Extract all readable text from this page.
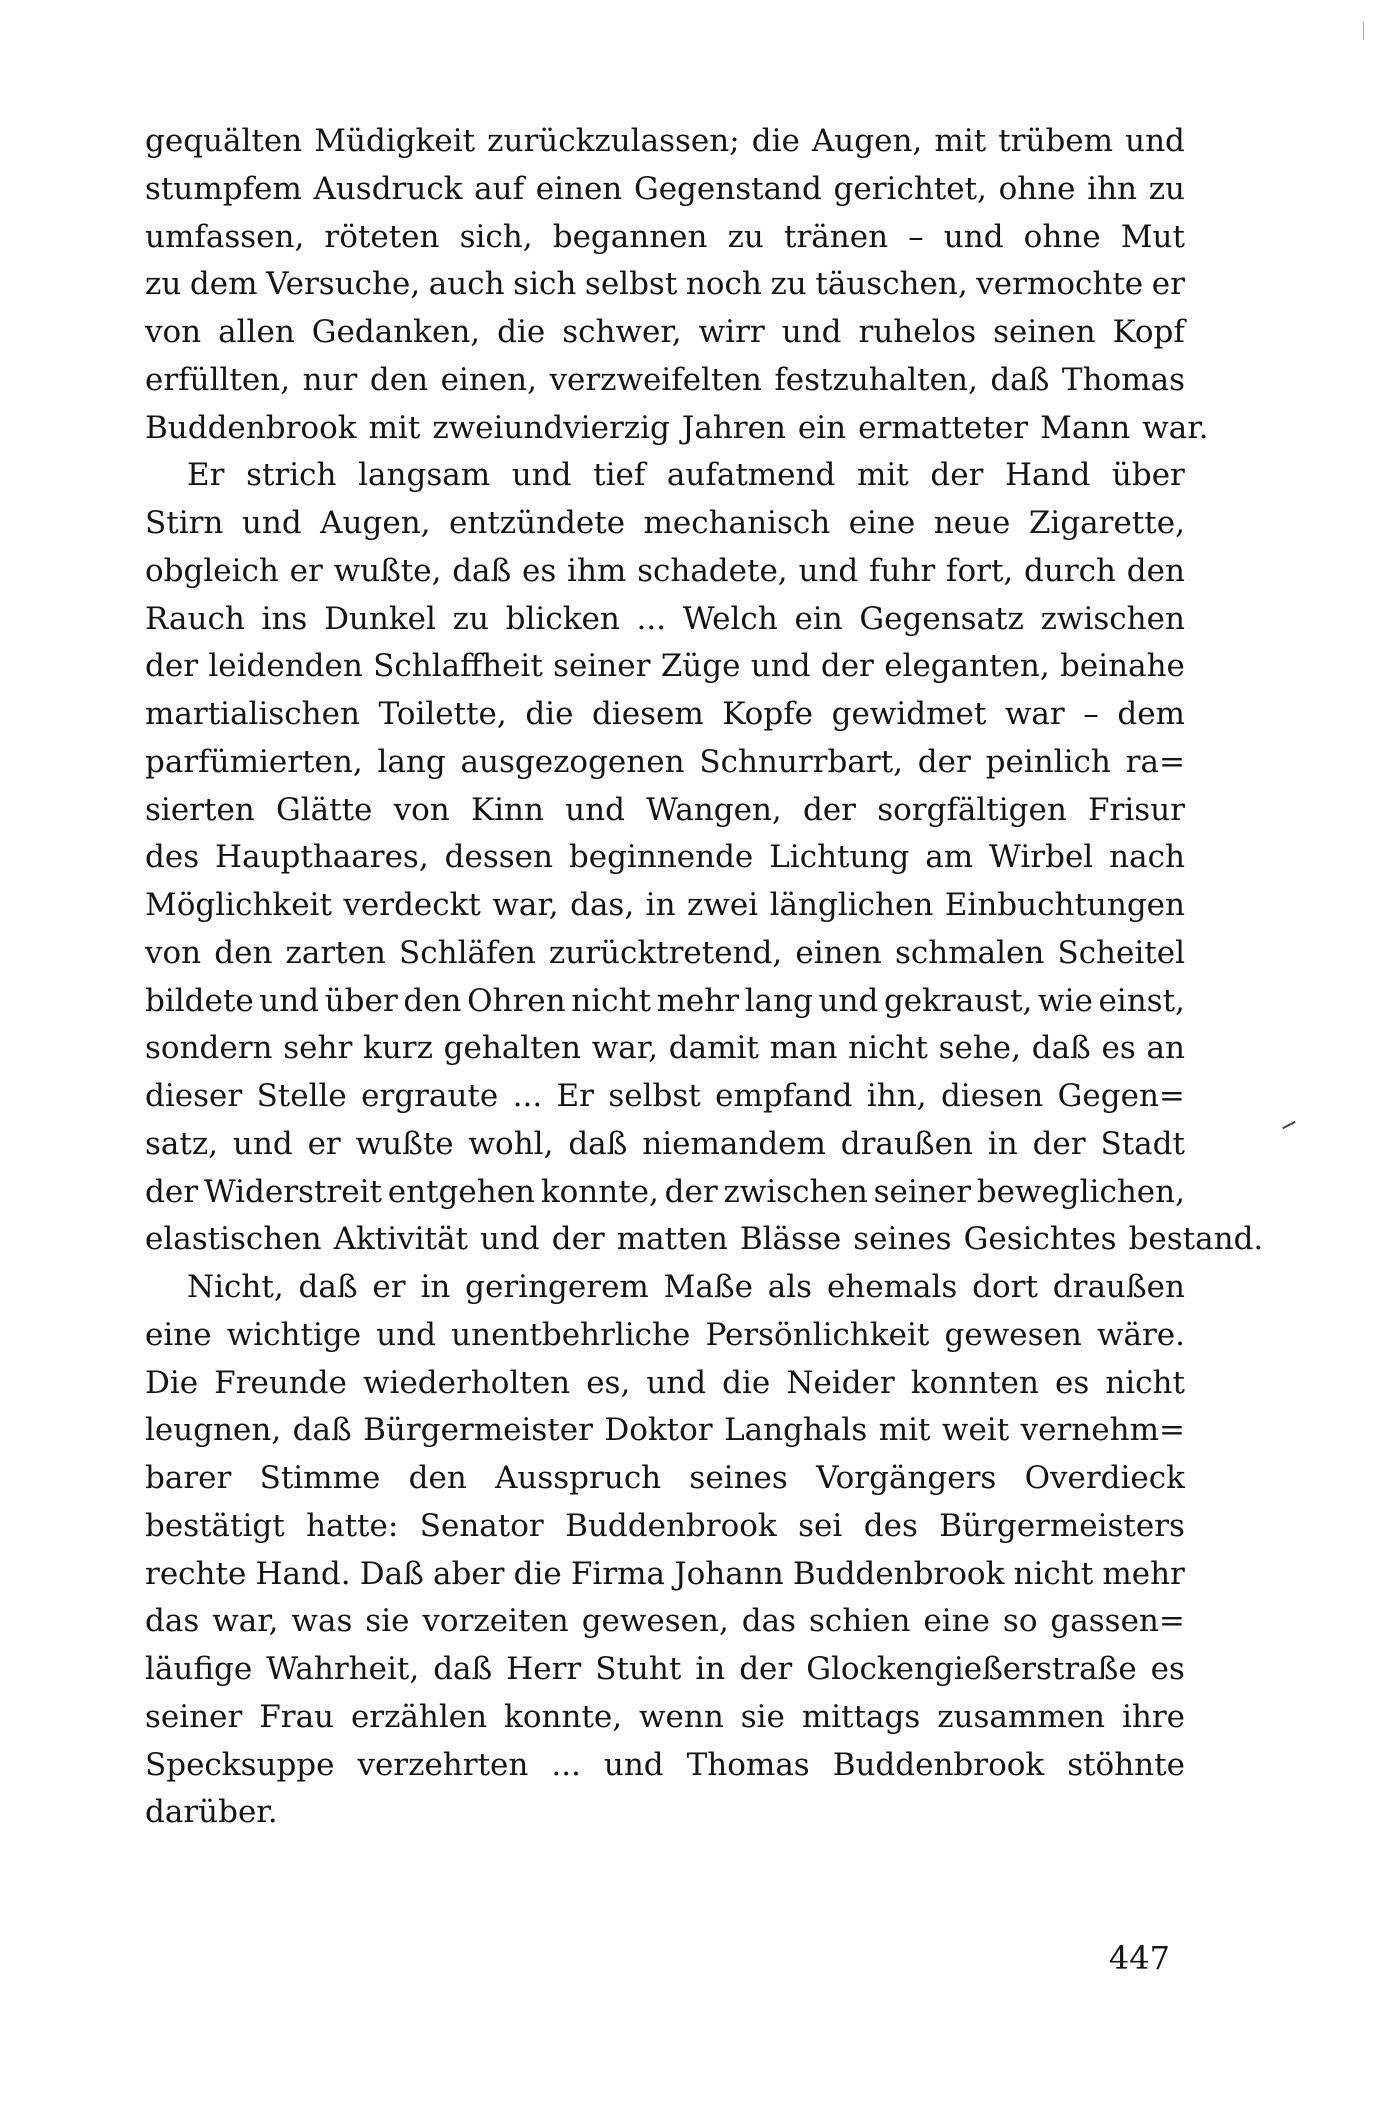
gequälten Müdigkeit zurückzulassen; die Augen, mit trübem und
stumpfem Ausdruck auf einen Gegenstand gerichtet, ohne ihn zu
umfassen, röteten sich, begannen zu tränen – und ohne Mut
zu dem Versuche, auch sich selbst noch zu täuschen, vermochte er
von allen Gedanken, die schwer, wirr und ruhelos seinen Kopf
erfüllten, nur den einen, verzweifelten festzuhalten, daß Thomas
Buddenbrook mit zweiundvierzig Jahren ein ermatteter Mann war.
Er strich langsam und tief aufatmend mit der Hand über
Stirn und Augen, entzündete mechanisch eine neue Zigarette,
obgleich er wußte, daß es ihm schadete, und fuhr fort, durch den
Rauch ins Dunkel zu blicken ... Welch ein Gegensatz zwischen
der leidenden Schlaffheit seiner Züge und der eleganten, beinahe
martialischen Toilette, die diesem Kopfe gewidmet war – dem
parfümierten, lang ausgezogenen Schnurrbart, der peinlich ra=
sierten Glätte von Kinn und Wangen, der sorgfältigen Frisur
des Haupthaares, dessen beginnende Lichtung am Wirbel nach
Möglichkeit verdeckt war, das, in zwei länglichen Einbuchtungen
von den zarten Schläfen zurücktretend, einen schmalen Scheitel
bildete und über den Ohren nicht mehr lang und gekraust, wie einst,
sondern sehr kurz gehalten war, damit man nicht sehe, daß es an
dieser Stelle ergraute ... Er selbst empfand ihn, diesen Gegen=
satz, und er wußte wohl, daß niemandem draußen in der Stadt
der Widerstreit entgehen konnte, der zwischen seiner beweglichen,
elastischen Aktivität und der matten Blässe seines Gesichtes bestand.
Nicht, daß er in geringerem Maße als ehemals dort draußen
eine wichtige und unentbehrliche Persönlichkeit gewesen wäre.
Die Freunde wiederholten es, und die Neider konnten es nicht
leugnen, daß Bürgermeister Doktor Langhals mit weit vernehm=
barer Stimme den Ausspruch seines Vorgängers Overdieck
bestätigt hatte: Senator Buddenbrook sei des Bürgermeisters
rechte Hand. Daß aber die Firma Johann Buddenbrook nicht mehr
das war, was sie vorzeiten gewesen, das schien eine so gassen=
läufige Wahrheit, daß Herr Stuht in der Glockengießerstraße es
seiner Frau erzählen konnte, wenn sie mittags zusammen ihre
Specksuppe verzehrten ... und Thomas Buddenbrook stöhnte
darüber.
447
